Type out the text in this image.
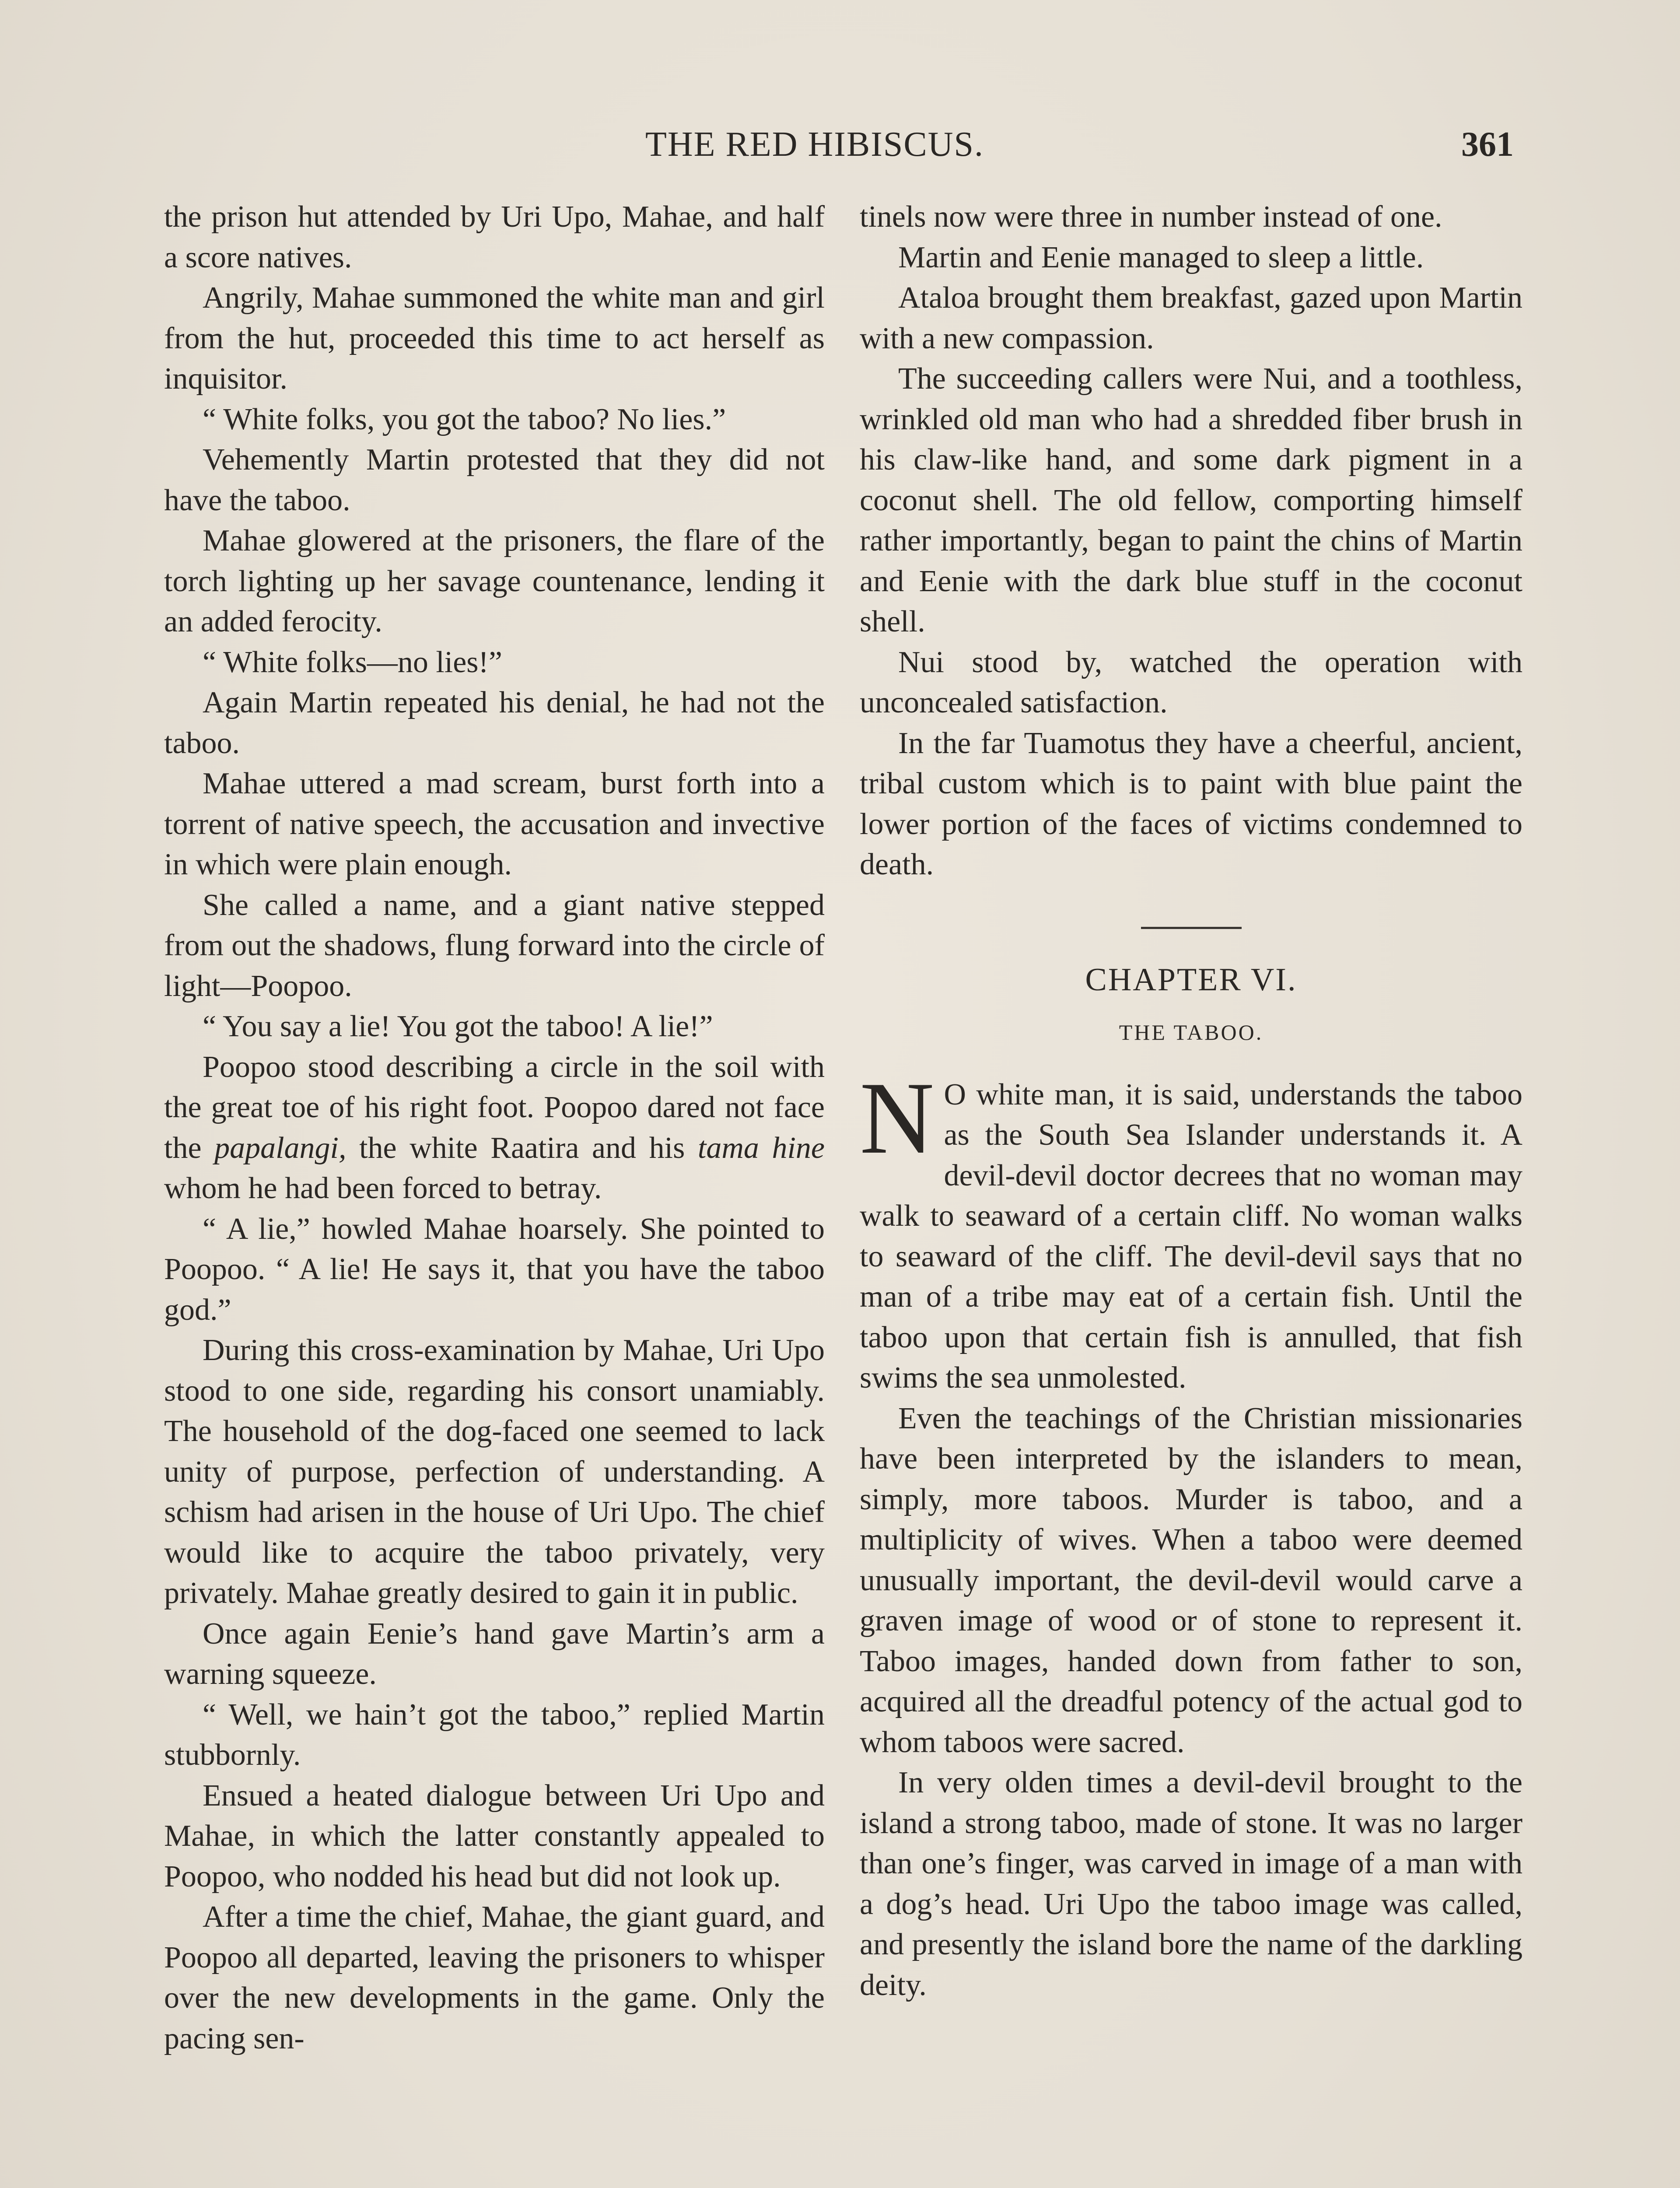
THE RED HIBISCUS.	361

the prison hut attended by Uri Upo, Mahae, and half a score natives.

Angrily, Mahae summoned the white man and girl from the hut, proceeded this time to act herself as inquisitor.

“ White folks, you got the taboo? No lies.”

Vehemently Martin protested that they did not have the taboo.

Mahae glowered at the prisoners, the flare of the torch lighting up her savage countenance, lending it an added ferocity.

“ White folks—no lies!”

Again Martin repeated his denial, he had not the taboo.

Mahae uttered a mad scream, burst forth into a torrent of native speech, the accusation and invective in which were plain enough.

She called a name, and a giant native stepped from out the shadows, flung forward into the circle of light—Poopoo.

“ You say a lie! You got the taboo! A lie!”

Poopoo stood describing a circle in the soil with the great toe of his right foot. Poopoo dared not face the papalangi, the white Raatira and his tama hine whom he had been forced to betray.

“ A lie,” howled Mahae hoarsely. She pointed to Poopoo. “ A lie! He says it, that you have the taboo god.”

During this cross-examination by Mahae, Uri Upo stood to one side, regarding his consort unamiably. The household of the dog-faced one seemed to lack unity of purpose, perfection of understanding. A schism had arisen in the house of Uri Upo. The chief would like to acquire the taboo privately, very privately. Mahae greatly desired to gain it in public.

Once again Eenie’s hand gave Martin’s arm a warning squeeze.

“ Well, we hain’t got the taboo,” replied Martin stubbornly.

Ensued a heated dialogue between Uri Upo and Mahae, in which the latter constantly appealed to Poopoo, who nodded his head but did not look up.

After a time the chief, Mahae, the giant guard, and Poopoo all departed, leaving the prisoners to whisper over the new developments in the game. Only the pacing sen-

tinels now were three in number instead of one.

Martin and Eenie managed to sleep a little.

Ataloa brought them breakfast, gazed upon Martin with a new compassion.

The succeeding callers were Nui, and a toothless, wrinkled old man who had a shredded fiber brush in his claw-like hand, and some dark pigment in a coconut shell. The old fellow, comporting himself rather importantly, began to paint the chins of Martin and Eenie with the dark blue stuff in the coconut shell.

Nui stood by, watched the operation with unconcealed satisfaction.

In the far Tuamotus they have a cheerful, ancient, tribal custom which is to paint with blue paint the lower portion of the faces of victims condemned to death.

CHAPTER VI.
THE TABOO.

N O white man, it is said, understands the taboo as the South Sea Islander understands it. A devil-devil doctor decrees that no woman may walk to seaward of a certain cliff. No woman walks to seaward of the cliff. The devil-devil says that no man of a tribe may eat of a certain fish. Until the taboo upon that certain fish is annulled, that fish swims the sea unmolested.

Even the teachings of the Christian missionaries have been interpreted by the islanders to mean, simply, more taboos. Murder is taboo, and a multiplicity of wives. When a taboo were deemed unusually important, the devil-devil would carve a graven image of wood or of stone to represent it. Taboo images, handed down from father to son, acquired all the dreadful potency of the actual god to whom taboos were sacred.

In very olden times a devil-devil brought to the island a strong taboo, made of stone. It was no larger than one’s finger, was carved in image of a man with a dog’s head. Uri Upo the taboo image was called, and presently the island bore the name of the darkling deity.
